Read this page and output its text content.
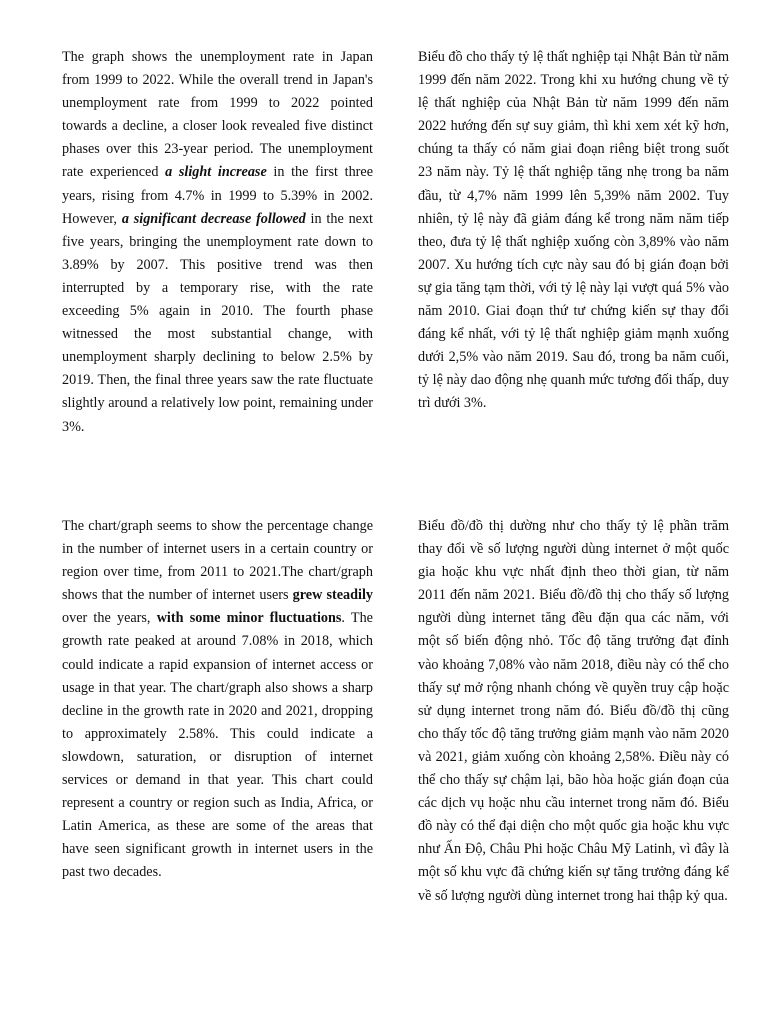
The graph shows the unemployment rate in Japan from 1999 to 2022. While the overall trend in Japan's unemployment rate from 1999 to 2022 pointed towards a decline, a closer look revealed five distinct phases over this 23-year period. The unemployment rate experienced a slight increase in the first three years, rising from 4.7% in 1999 to 5.39% in 2002. However, a significant decrease followed in the next five years, bringing the unemployment rate down to 3.89% by 2007. This positive trend was then interrupted by a temporary rise, with the rate exceeding 5% again in 2010. The fourth phase witnessed the most substantial change, with unemployment sharply declining to below 2.5% by 2019. Then, the final three years saw the rate fluctuate slightly around a relatively low point, remaining under 3%.

Biểu đồ cho thấy tỷ lệ thất nghiệp tại Nhật Bản từ năm 1999 đến năm 2022. Trong khi xu hướng chung về tỷ lệ thất nghiệp của Nhật Bản từ năm 1999 đến năm 2022 hướng đến sự suy giảm, thì khi xem xét kỹ hơn, chúng ta thấy có năm giai đoạn riêng biệt trong suốt 23 năm này. Tỷ lệ thất nghiệp tăng nhẹ trong ba năm đầu, từ 4,7% năm 1999 lên 5,39% năm 2002. Tuy nhiên, tỷ lệ này đã giảm đáng kể trong năm năm tiếp theo, đưa tỷ lệ thất nghiệp xuống còn 3,89% vào năm 2007. Xu hướng tích cực này sau đó bị gián đoạn bởi sự gia tăng tạm thời, với tỷ lệ này lại vượt quá 5% vào năm 2010. Giai đoạn thứ tư chứng kiến sự thay đổi đáng kể nhất, với tỷ lệ thất nghiệp giảm mạnh xuống dưới 2,5% vào năm 2019. Sau đó, trong ba năm cuối, tỷ lệ này dao động nhẹ quanh mức tương đối thấp, duy trì dưới 3%.

The chart/graph seems to show the percentage change in the number of internet users in a certain country or region over time, from 2011 to 2021.The chart/graph shows that the number of internet users grew steadily over the years, with some minor fluctuations. The growth rate peaked at around 7.08% in 2018, which could indicate a rapid expansion of internet access or usage in that year. The chart/graph also shows a sharp decline in the growth rate in 2020 and 2021, dropping to approximately 2.58%. This could indicate a slowdown, saturation, or disruption of internet services or demand in that year. This chart could represent a country or region such as India, Africa, or Latin America, as these are some of the areas that have seen significant growth in internet users in the past two decades.

Biểu đồ/đồ thị dường như cho thấy tỷ lệ phần trăm thay đổi về số lượng người dùng internet ở một quốc gia hoặc khu vực nhất định theo thời gian, từ năm 2011 đến năm 2021. Biểu đồ/đồ thị cho thấy số lượng người dùng internet tăng đều đặn qua các năm, với một số biến động nhỏ. Tốc độ tăng trưởng đạt đỉnh vào khoảng 7,08% vào năm 2018, điều này có thể cho thấy sự mở rộng nhanh chóng về quyền truy cập hoặc sử dụng internet trong năm đó. Biểu đồ/đồ thị cũng cho thấy tốc độ tăng trưởng giảm mạnh vào năm 2020 và 2021, giảm xuống còn khoảng 2,58%. Điều này có thể cho thấy sự chậm lại, bão hòa hoặc gián đoạn của các dịch vụ hoặc nhu cầu internet trong năm đó. Biểu đồ này có thể đại diện cho một quốc gia hoặc khu vực như Ấn Độ, Châu Phi hoặc Châu Mỹ Latinh, vì đây là một số khu vực đã chứng kiến sự tăng trưởng đáng kể về số lượng người dùng internet trong hai thập kỷ qua.
